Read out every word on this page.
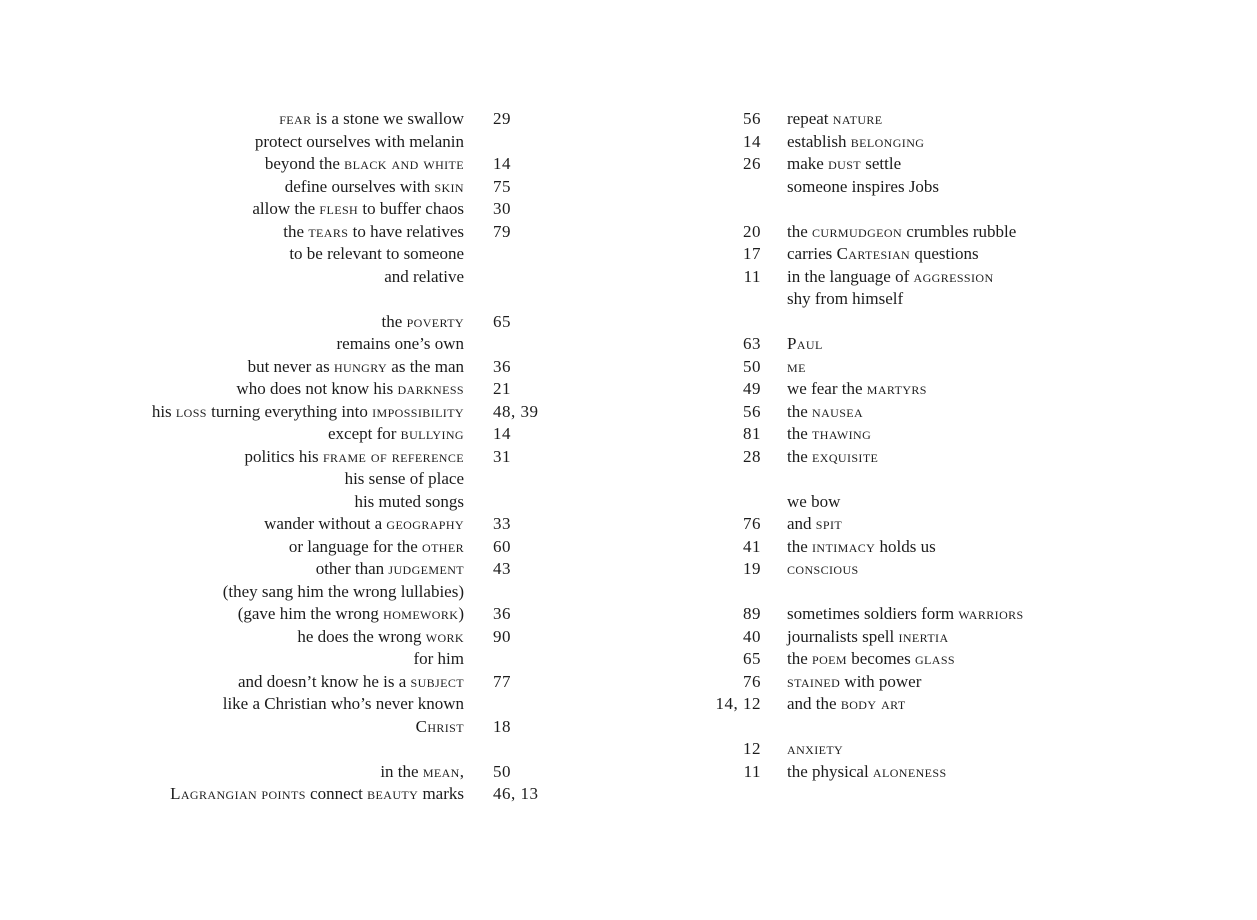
fear is a stone we swallow 29
protect ourselves with melanin
beyond the black and white 14
define ourselves with skin 75
allow the flesh to buffer chaos 30
the tears to have relatives 79
to be relevant to someone
and relative
the poverty 65
remains one’s own
but never as hungry as the man 36
who does not know his darkness 21
his loss turning everything into impossibility 48, 39
except for bullying 14
politics his frame of reference 31
his sense of place
his muted songs
wander without a geography 33
or language for the other 60
other than judgement 43
(they sang him the wrong lullabies)
(gave him the wrong homework) 36
he does the wrong work 90
for him
and doesn’t know he is a subject 77
like a Christian who’s never known
Christ 18
in the mean, 50
Lagrangian points connect beauty marks 46, 13
56 repeat nature
14 establish belonging
26 make dust settle
someone inspires Jobs
20 the curmudgeon crumbles rubble
17 carries Cartesian questions
11 in the language of aggression
shy from himself
63 Paul
50 me
49 we fear the martyrs
56 the nausea
81 the thawing
28 the exquisite
we bow
76 and spit
41 the intimacy holds us
19 conscious
89 sometimes soldiers form warriors
40 journalists spell inertia
65 the poem becomes glass
76 stained with power
14, 12 and the body art
12 anxiety
11 the physical aloneness
